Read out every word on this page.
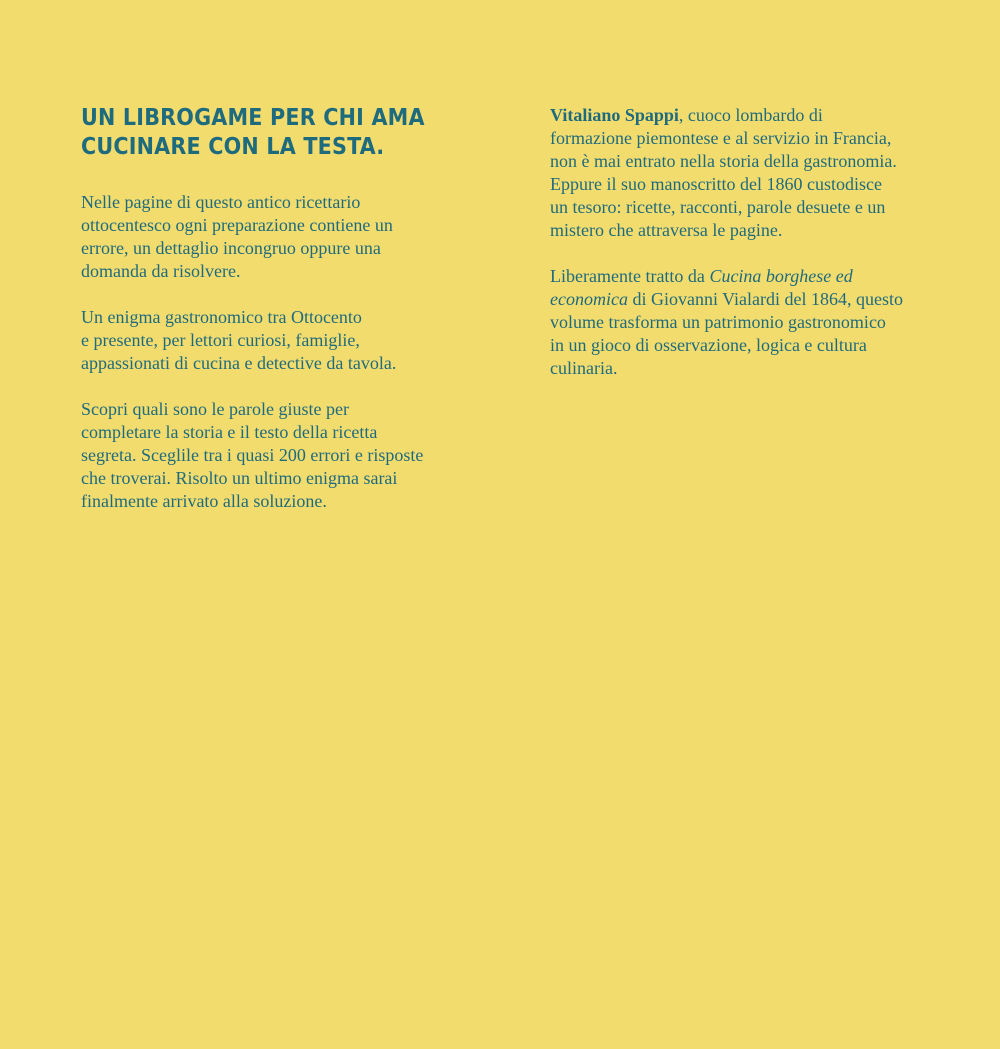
UN LIBROGAME PER CHI AMA
CUCINARE CON LA TESTA.

Nelle pagine di questo antico ricettario
ottocentesco ogni preparazione contiene un
errore, un dettaglio incongruo oppure una
domanda da risolvere.

Un enigma gastronomico tra Ottocento
e presente, per lettori curiosi, famiglie,
appassionati di cucina e detective da tavola.

Scopri quali sono le parole giuste per
completare la storia e il testo della ricetta
segreta. Sceglile tra i quasi 200 errori e risposte
che troverai. Risolto un ultimo enigma sarai
finalmente arrivato alla soluzione.

Vitaliano Spappi, cuoco lombardo di
formazione piemontese e al servizio in Francia,
non è mai entrato nella storia della gastronomia.
Eppure il suo manoscritto del 1860 custodisce
un tesoro: ricette, racconti, parole desuete e un
mistero che attraversa le pagine.

Liberamente tratto da Cucina borghese ed
economica di Giovanni Vialardi del 1864, questo
volume trasforma un patrimonio gastronomico
in un gioco di osservazione, logica e cultura
culinaria.
